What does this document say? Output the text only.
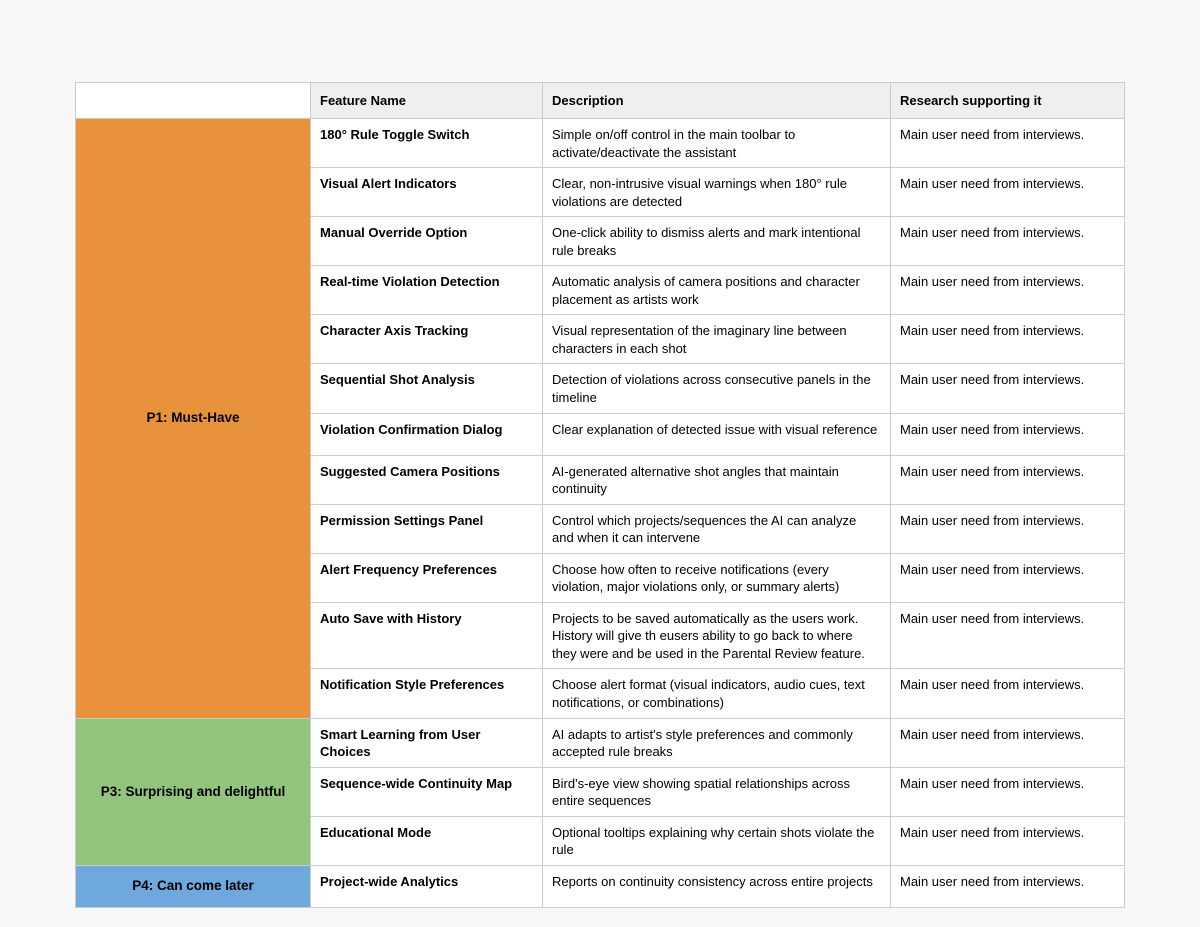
	Feature Name	Description	Research supporting it
P1: Must-Have	180° Rule Toggle Switch	Simple on/off control in the main toolbar to activate/deactivate the assistant	Main user need from interviews.
	Visual Alert Indicators	Clear, non-intrusive visual warnings when 180° rule violations are detected	Main user need from interviews.
	Manual Override Option	One-click ability to dismiss alerts and mark intentional rule breaks	Main user need from interviews.
	Real-time Violation Detection	Automatic analysis of camera positions and character placement as artists work	Main user need from interviews.
	Character Axis Tracking	Visual representation of the imaginary line between characters in each shot	Main user need from interviews.
	Sequential Shot Analysis	Detection of violations across consecutive panels in the timeline	Main user need from interviews.
	Violation Confirmation Dialog	Clear explanation of detected issue with visual reference	Main user need from interviews.
	Suggested Camera Positions	AI-generated alternative shot angles that maintain continuity	Main user need from interviews.
	Permission Settings Panel	Control which projects/sequences the AI can analyze and when it can intervene	Main user need from interviews.
	Alert Frequency Preferences	Choose how often to receive notifications (every violation, major violations only, or summary alerts)	Main user need from interviews.
	Auto Save with History	Projects to be saved automatically as the users work. History will give th eusers ability to go back to where they were and be used in the Parental Review feature.	Main user need from interviews.
	Notification Style Preferences	Choose alert format (visual indicators, audio cues, text notifications, or combinations)	Main user need from interviews.
P3: Surprising and delightful	Smart Learning from User Choices	AI adapts to artist's style preferences and commonly accepted rule breaks	Main user need from interviews.
	Sequence-wide Continuity Map	Bird's-eye view showing spatial relationships across entire sequences	Main user need from interviews.
	Educational Mode	Optional tooltips explaining why certain shots violate the rule	Main user need from interviews.
P4: Can come later	Project-wide Analytics	Reports on continuity consistency across entire projects	Main user need from interviews.
